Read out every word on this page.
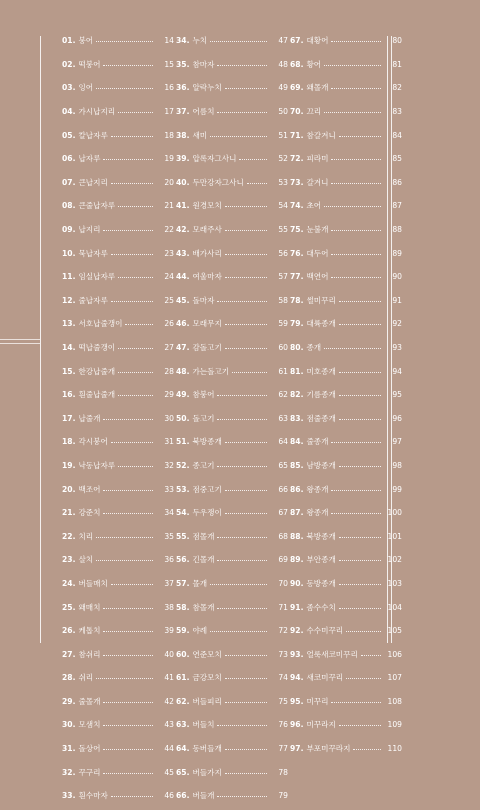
01. 붕어	14
02. 떡붕어	15
03. 잉어	16
04. 가시납지리	17
05. 칼납자루	18
06. 납자루	19
07. 큰납지리	20
08. 큰줄납자루	21
09. 납지리	22
10. 묵납자루	23
11. 임실납자루	24
12. 줄납자루	25
13. 서호납줄갱이	26
14. 떡납줄갱이	27
15. 한강납줄개	28
16. 흰줄납줄개	29
17. 납줄개	30
18. 각시붕어	31
19. 낙동납자루	32
20. 백조어	33
21. 강준치	34
22. 치리	35
23. 살치	36
24. 버들매치	37
25. 왜매치	38
26. 케톱치	39
27. 참쉬리	40
28. 쉬리	41
29. 줄몰개	42
30. 모샘치	43
31. 돌상어	44
32. 꾸구리	45
33. 흰수마자	46
34. 누치	47
35. 참마자	48
36. 알락누치	49
37. 어름치	50
38. 새미	51
39. 압록자그사니	52
40. 두만강자그사니	53
41. 원경모치	54
42. 모래주사	55
43. 배가사리	56
44. 여울마자	57
45. 돌마자	58
46. 모래무지	59
47. 감돌고기	60
48. 가는돌고기	61
49. 참붕어	62
50. 돌고기	63
51. 북방종개	64
52. 종고기	65
53. 점중고기	66
54. 두우쟁이	67
55. 점몰개	68
56. 긴몰개	69
57. 몰개	70
58. 참몰개	71
59. 야례	72
60. 연준모치	73
61. 금강모치	74
62. 버들피리	75
63. 버들치	76
64. 동버들개	77
65. 버들가지	78
66. 버들개	79
67. 대황어	80
68. 황어	81
69. 왜몰개	82
70. 끄리	83
71. 참갈겨니	84
72. 피라미	85
73. 갈겨니	86
74. 초어	87
75. 눈불개	88
76. 대두어	89
77. 백연어	90
78. 썰미꾸리	91
79. 대륙종개	92
80. 종개	93
81. 미호종개	94
82. 기름종개	95
83. 점줄종개	96
84. 줄종개	97
85. 남방종개	98
86. 왕종개	99
87. 왕종개	100
88. 북방종개	101
89. 부안종개	102
90. 동방종개	103
91. 좀수수치	104
92. 수수미꾸리	105
93. 얼룩새코미꾸리	106
94. 새코미꾸리	107
95. 미꾸리	108
96. 미꾸라지	109
97. 부포미꾸라지	110
